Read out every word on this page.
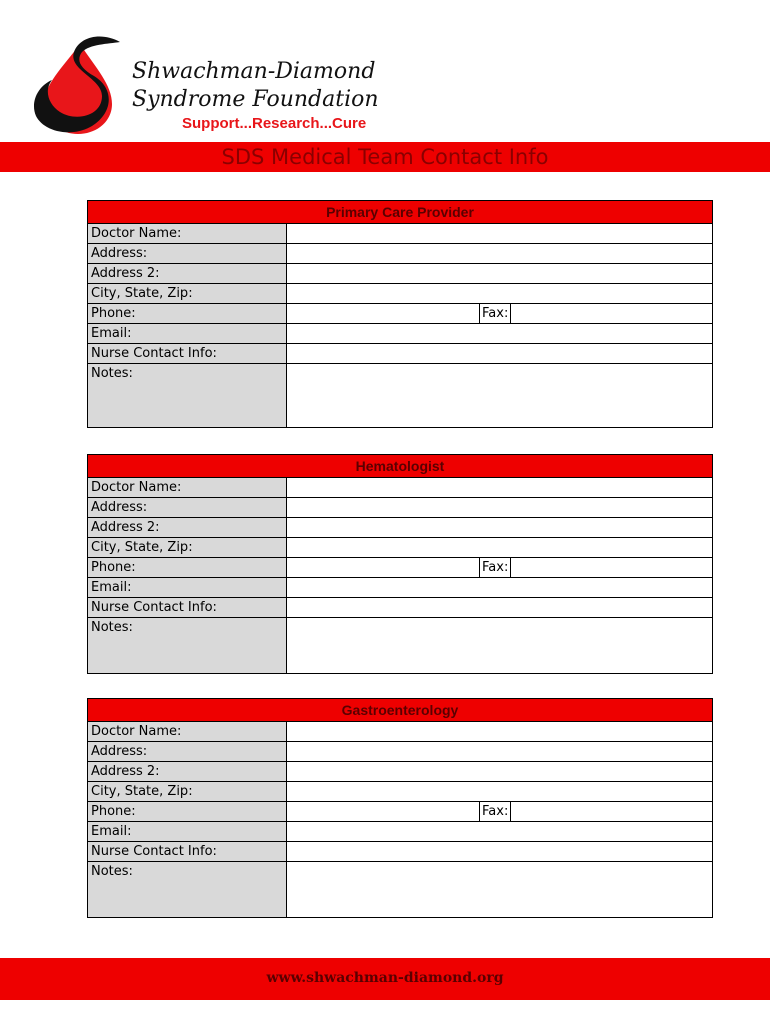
Shwachman-Diamond
Syndrome Foundation
Support...Research...Cure
SDS Medical Team Contact Info
Primary Care Provider
Doctor Name:
Address:
Address 2:
City, State, Zip:
Phone:	Fax:
Email:
Nurse Contact Info:
Notes:
Hematologist
Doctor Name:
Address:
Address 2:
City, State, Zip:
Phone:	Fax:
Email:
Nurse Contact Info:
Notes:
Gastroenterology
Doctor Name:
Address:
Address 2:
City, State, Zip:
Phone:	Fax:
Email:
Nurse Contact Info:
Notes:
www.shwachman-diamond.org
